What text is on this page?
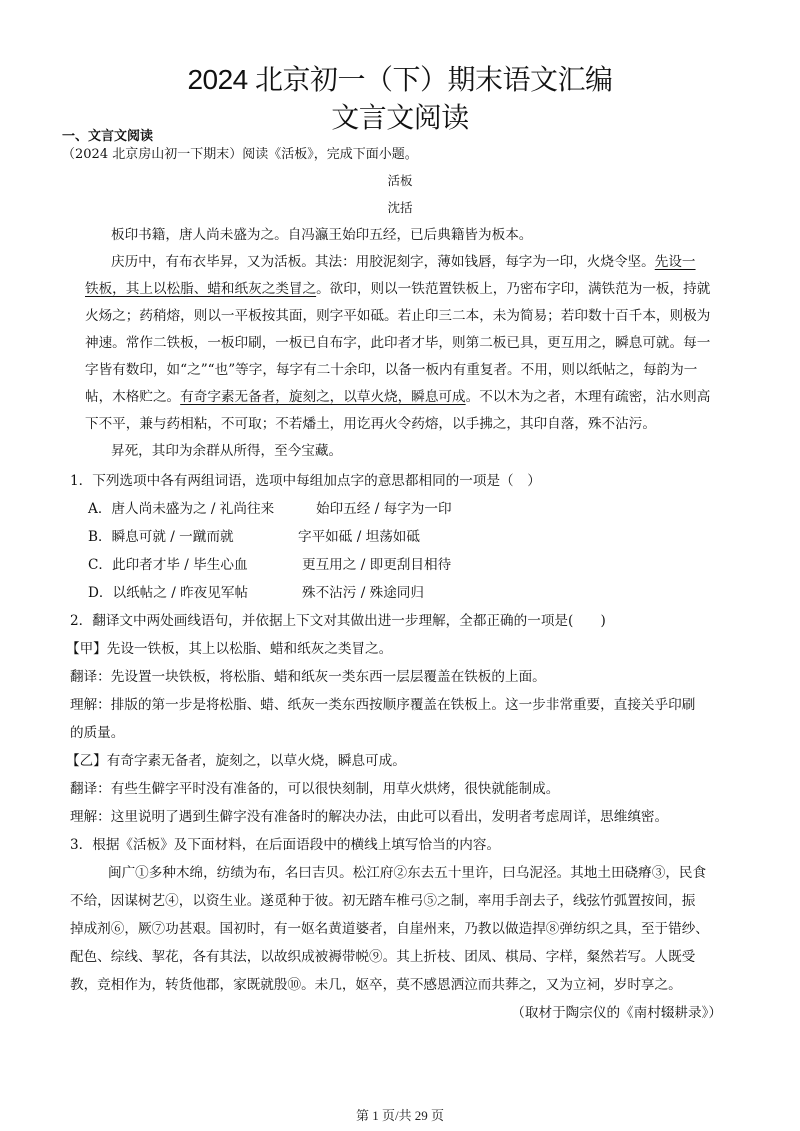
2024 北京初一（下）期末语文汇编
文言文阅读
一、文言文阅读
（2024 北京房山初一下期末）阅读《活板》，完成下面小题。
活板
沈括
板印书籍，唐人尚未盛为之。自冯瀛王始印五经，已后典籍皆为板本。
庆历中，有布衣毕昇，又为活板。其法：用胶泥刻字，薄如钱唇，每字为一印，火烧令坚。先设一
铁板，其上以松脂、蜡和纸灰之类冒之。欲印，则以一铁范置铁板上，乃密布字印，满铁范为一板，持就
火炀之；药稍熔，则以一平板按其面，则字平如砥。若止印三二本，未为简易；若印数十百千本，则极为
神速。常作二铁板，一板印刷，一板已自布字，此印者才毕，则第二板已具，更互用之，瞬息可就。每一
字皆有数印，如“之”“也”等字，每字有二十余印，以备一板内有重复者。不用，则以纸帖之，每韵为一
帖，木格贮之。有奇字素无备者，旋刻之，以草火烧，瞬息可成。不以木为之者，木理有疏密，沾水则高
下不平，兼与药相粘，不可取；不若燔土，用讫再火令药熔，以手拂之，其印自落，殊不沾污。
昇死，其印为余群从所得，至今宝藏。
1．下列选项中各有两组词语，选项中每组加点字的意思都相同的一项是（　）
A．唐人尚未盛为之 / 礼尚往来	始印五经 / 每字为一印
B．瞬息可就 / 一蹴而就	字平如砥 / 坦荡如砥
C．此印者才毕 / 毕生心血	更互用之 / 即更刮目相待
D．以纸帖之 / 昨夜见军帖	殊不沾污 / 殊途同归
2．翻译文中两处画线语句，并依据上下文对其做出进一步理解，全都正确的一项是(　　)
【甲】先设一铁板，其上以松脂、蜡和纸灰之类冒之。
翻译：先设置一块铁板，将松脂、蜡和纸灰一类东西一层层覆盖在铁板的上面。
理解：排版的第一步是将松脂、蜡、纸灰一类东西按顺序覆盖在铁板上。这一步非常重要，直接关乎印刷
的质量。
【乙】有奇字素无备者，旋刻之，以草火烧，瞬息可成。
翻译：有些生僻字平时没有准备的，可以很快刻制，用草火烘烤，很快就能制成。
理解：这里说明了遇到生僻字没有准备时的解决办法，由此可以看出，发明者考虑周详，思维缜密。
3．根据《活板》及下面材料，在后面语段中的横线上填写恰当的内容。
闽广①多种木绵，纺绩为布，名曰吉贝。松江府②东去五十里许，曰乌泥泾。其地土田硗瘠③，民食
不给，因谋树艺④，以资生业。遂觅种于彼。初无踏车椎弓⑤之制，率用手剖去子，线弦竹弧置按间，振
掉成剂⑥，厥⑦功甚艰。国初时，有一妪名黄道婆者，自崖州来，乃教以做造捍⑧弹纺织之具，至于错纱、
配色、综线、挈花，各有其法，以故织成被褥带帨⑨。其上折枝、团凤、棋局、字样，粲然若写。人既受
教，竞相作为，转货他郡，家既就殷⑩。未几，妪卒，莫不感恩洒泣而共葬之，又为立祠，岁时享之。
（取材于陶宗仪的《南村辍耕录》）
第 1 页/共 29 页
